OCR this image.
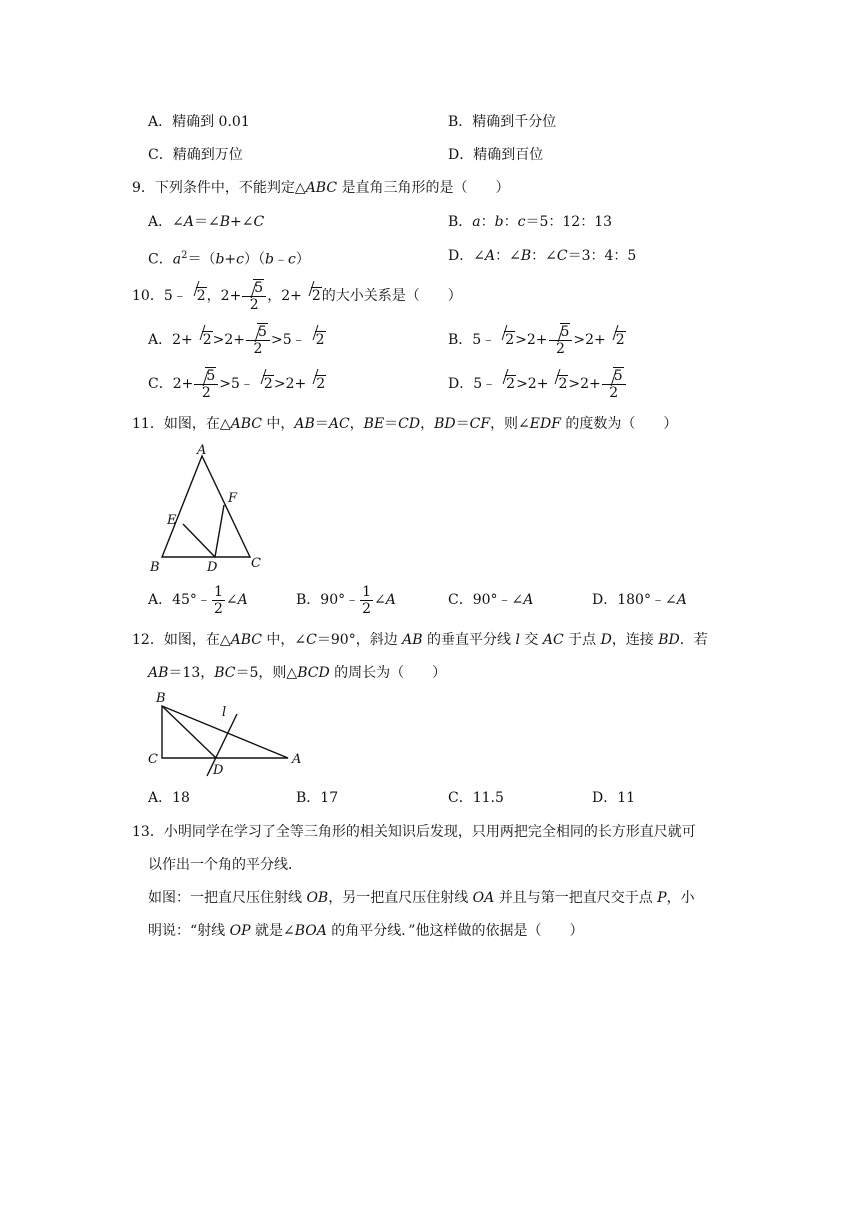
A．精确到 0.01	B．精确到千分位
C．精确到万位	D．精确到百位
9．下列条件中，不能判定△ABC 是直角三角形的是（　　）
A．∠A＝∠B+∠C	B．a：b：c＝5：12：13
C．$a^2=(b+c)(b﹣c)$	D．∠A：∠B：∠C＝3：4：5
10．5﹣ 2，$2+ \frac{5}{2}$ ，2+ 2的大小关系是（　　）
A．$2+ 2>2+ \frac{5}{2}$ >5﹣ 2	B．5﹣ $2>2+ \frac{5}{2} >2+ 2$
C．$2+ \frac{5}{2}$ >5﹣ 2>2+ 2	D．5﹣ $2>2+ 2>2+ \frac{5}{2}$
11．如图，在△ABC 中，AB＝AC，BE＝CD，BD＝CF，则∠EDF 的度数为（　　）
A
B	C
D
E
F
A．45°﹣ $\frac{1}{2}$ ∠A	B．90°﹣ $\frac{1}{2}$ ∠A	C．90°﹣∠A	D．180°﹣∠A
12．如图，在△ABC 中，∠C＝90°，斜边 AB 的垂直平分线 l 交 AC 于点 D，连接 BD．若
AB＝13，BC＝5，则△BCD 的周长为（　　）
B
C
D
A
l
A．18	B．17	C．11.5	D．11
13．小明同学在学习了全等三角形的相关知识后发现，只用两把完全相同的长方形直尺就可
以作出一个角的平分线．
如图：一把直尺压住射线 OB，另一把直尺压住射线 OA 并且与第一把直尺交于点 P，小
明说：“射线 OP 就是∠BOA 的角平分线．”他这样做的依据是（　　）
